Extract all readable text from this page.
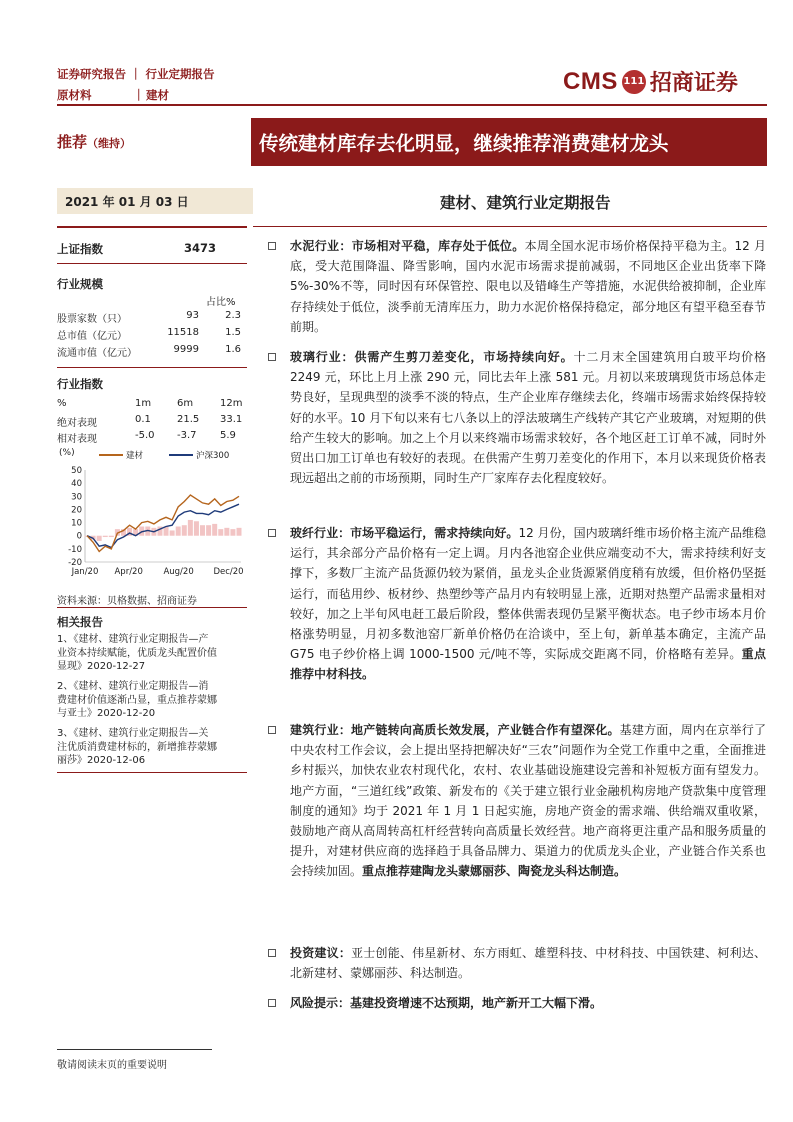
证券研究报告 ｜ 行业定期报告
原材料	｜ 建材
CMS 111 招商证券
推荐（维持）	传统建材库存去化明显，继续推荐消费建材龙头
2021 年 01 月 03 日	建材、建筑行业定期报告
上证指数	3473
行业规模
占比%
股票家数（只）	93	2.3
总市值（亿元）	11518	1.5
流通市值（亿元）	9999	1.6
行业指数
%	1m	6m	12m
绝对表现	0.1	21.5 33.1
相对表现	-5.0 -3.7 5.9
(%)	建材	沪深300
50
40
30
20
10
0
-10
-20
Jan/20 Apr/20 Aug/20 Dec/20
资料来源：贝格数据、招商证券
相关报告
1、《建材、建筑行业定期报告—产
业资本持续赋能，优质龙头配置价值
显现》2020-12-27
2、《建材、建筑行业定期报告—消
费建材价值逐渐凸显，重点推荐蒙娜
与亚士》2020-12-20
3、《建材、建筑行业定期报告—关
注优质消费建材标的，新增推荐蒙娜
丽莎》2020-12-06
水泥行业：市场相对平稳，库存处于低位。本周全国水泥市场价格保持平稳为主。12 月底，受大范围降温、降雪影响，国内水泥市场需求提前减弱，不同地区企业出货率下降 5%-30%不等，同时因有环保管控、限电以及错峰生产等措施，水泥供给被抑制，企业库存持续处于低位，淡季前无清库压力，助力水泥价格保持稳定，部分地区有望平稳至春节前期。
玻璃行业：供需产生剪刀差变化，市场持续向好。十二月末全国建筑用白玻平均价格 2249 元，环比上月上涨 290 元，同比去年上涨 581 元。月初以来玻璃现货市场总体走势良好，呈现典型的淡季不淡的特点，生产企业库存继续去化，终端市场需求始终保持较好的水平。10 月下旬以来有七八条以上的浮法玻璃生产线转产其它产业玻璃，对短期的供给产生较大的影响。加之上个月以来终端市场需求较好，各个地区赶工订单不减，同时外贸出口加工订单也有较好的表现。在供需产生剪刀差变化的作用下，本月以来现货价格表现远超出之前的市场预期，同时生产厂家库存去化程度较好。
玻纤行业：市场平稳运行，需求持续向好。12 月份，国内玻璃纤维市场价格主流产品维稳运行，其余部分产品价格有一定上调。月内各池窑企业供应端变动不大，需求持续利好支撑下，多数厂主流产品货源仍较为紧俏，虽龙头企业货源紧俏度稍有放缓，但价格仍坚挺运行，而毡用纱、板材纱、热塑纱等产品月内有较明显上涨，近期对热塑产品需求量相对较好，加之上半旬风电赶工最后阶段，整体供需表现仍呈紧平衡状态。电子纱市场本月价格涨势明显，月初多数池窑厂新单价格仍在洽谈中，至上旬，新单基本确定，主流产品 G75 电子纱价格上调 1000-1500 元/吨不等，实际成交距离不同，价格略有差异。重点推荐中材科技。
建筑行业：地产链转向高质长效发展，产业链合作有望深化。基建方面，周内在京举行了中央农村工作会议，会上提出坚持把解决好“三农”问题作为全党工作重中之重，全面推进乡村振兴，加快农业农村现代化，农村、农业基础设施建设完善和补短板方面有望发力。地产方面，“三道红线”政策、新发布的《关于建立银行业金融机构房地产贷款集中度管理制度的通知》均于 2021 年 1 月 1 日起实施，房地产资金的需求端、供给端双重收紧，鼓励地产商从高周转高杠杆经营转向高质量长效经营。地产商将更注重产品和服务质量的提升，对建材供应商的选择趋于具备品牌力、渠道力的优质龙头企业，产业链合作关系也会持续加固。重点推荐建陶龙头蒙娜丽莎、陶瓷龙头科达制造。
投资建议：亚士创能、伟星新材、东方雨虹、雄塑科技、中材科技、中国铁建、柯利达、北新建材、蒙娜丽莎、科达制造。
风险提示：基建投资增速不达预期，地产新开工大幅下滑。
敬请阅读末页的重要说明
